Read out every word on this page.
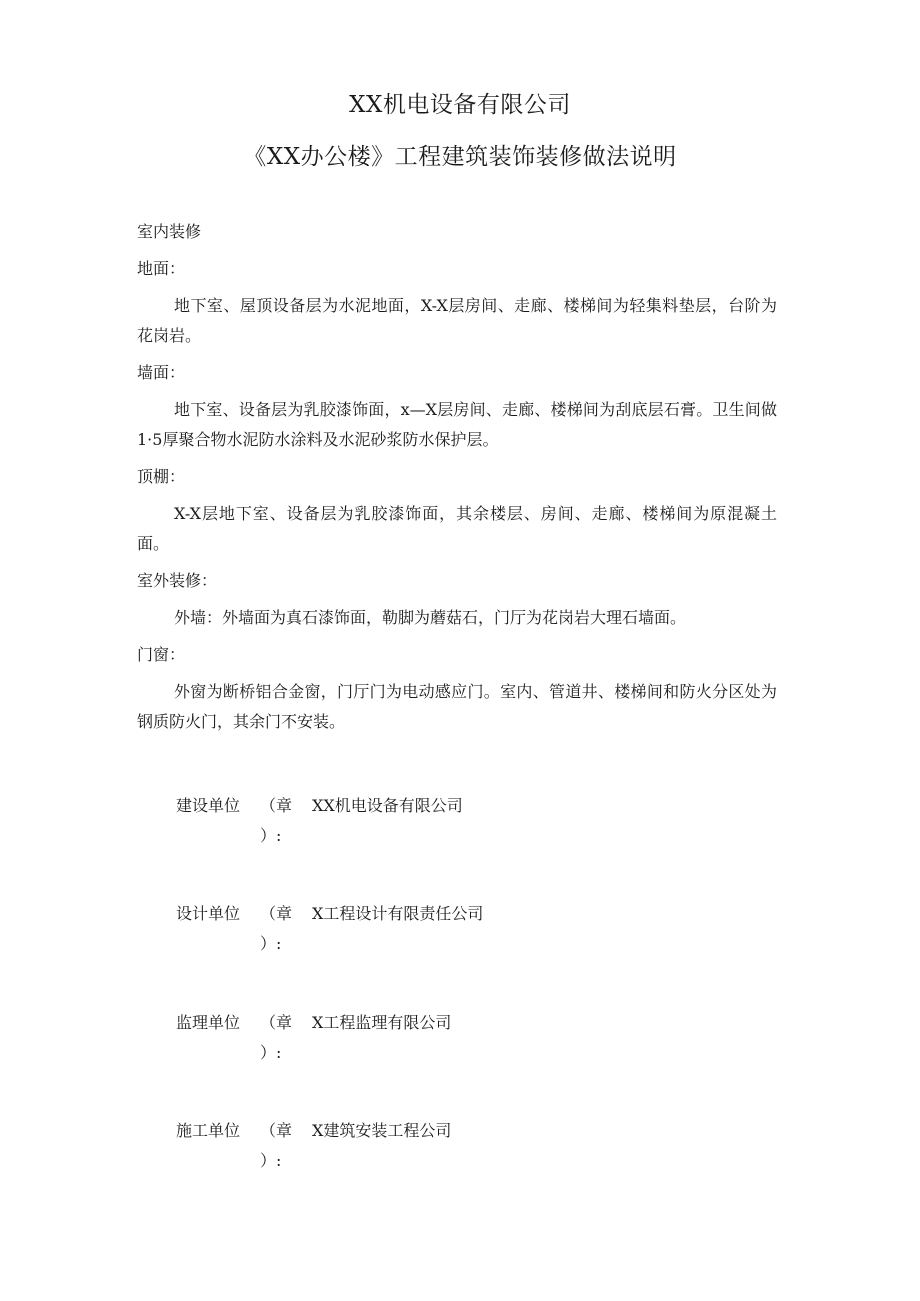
XX机电设备有限公司
《XX办公楼》工程建筑装饰装修做法说明
室内装修
地面：

地下室、屋顶设备层为水泥地面，X-X层房间、走廊、楼梯间为轻集料垫层，台阶为花岗岩。

墙面：

地下室、设备层为乳胶漆饰面，x—X层房间、走廊、楼梯间为刮底层石膏。卫生间做1·5厚聚合物水泥防水涂料及水泥砂浆防水保护层。

顶棚：

X-X层地下室、设备层为乳胶漆饰面，其余楼层、房间、走廊、楼梯间为原混凝土面。

室外装修：

外墙：外墙面为真石漆饰面，勒脚为蘑菇石，门厅为花岗岩大理石墙面。

门窗：

外窗为断桥铝合金窗，门厅门为电动感应门。室内、管道井、楼梯间和防火分区处为钢质防火门，其余门不安装。

建设单位 （章
）:
XX机电设备有限公司
设计单位 （章
）:
X工程设计有限责任公司
监理单位 （章
）:
X工程监理有限公司
施工单位 （章
）:
X建筑安装工程公司
